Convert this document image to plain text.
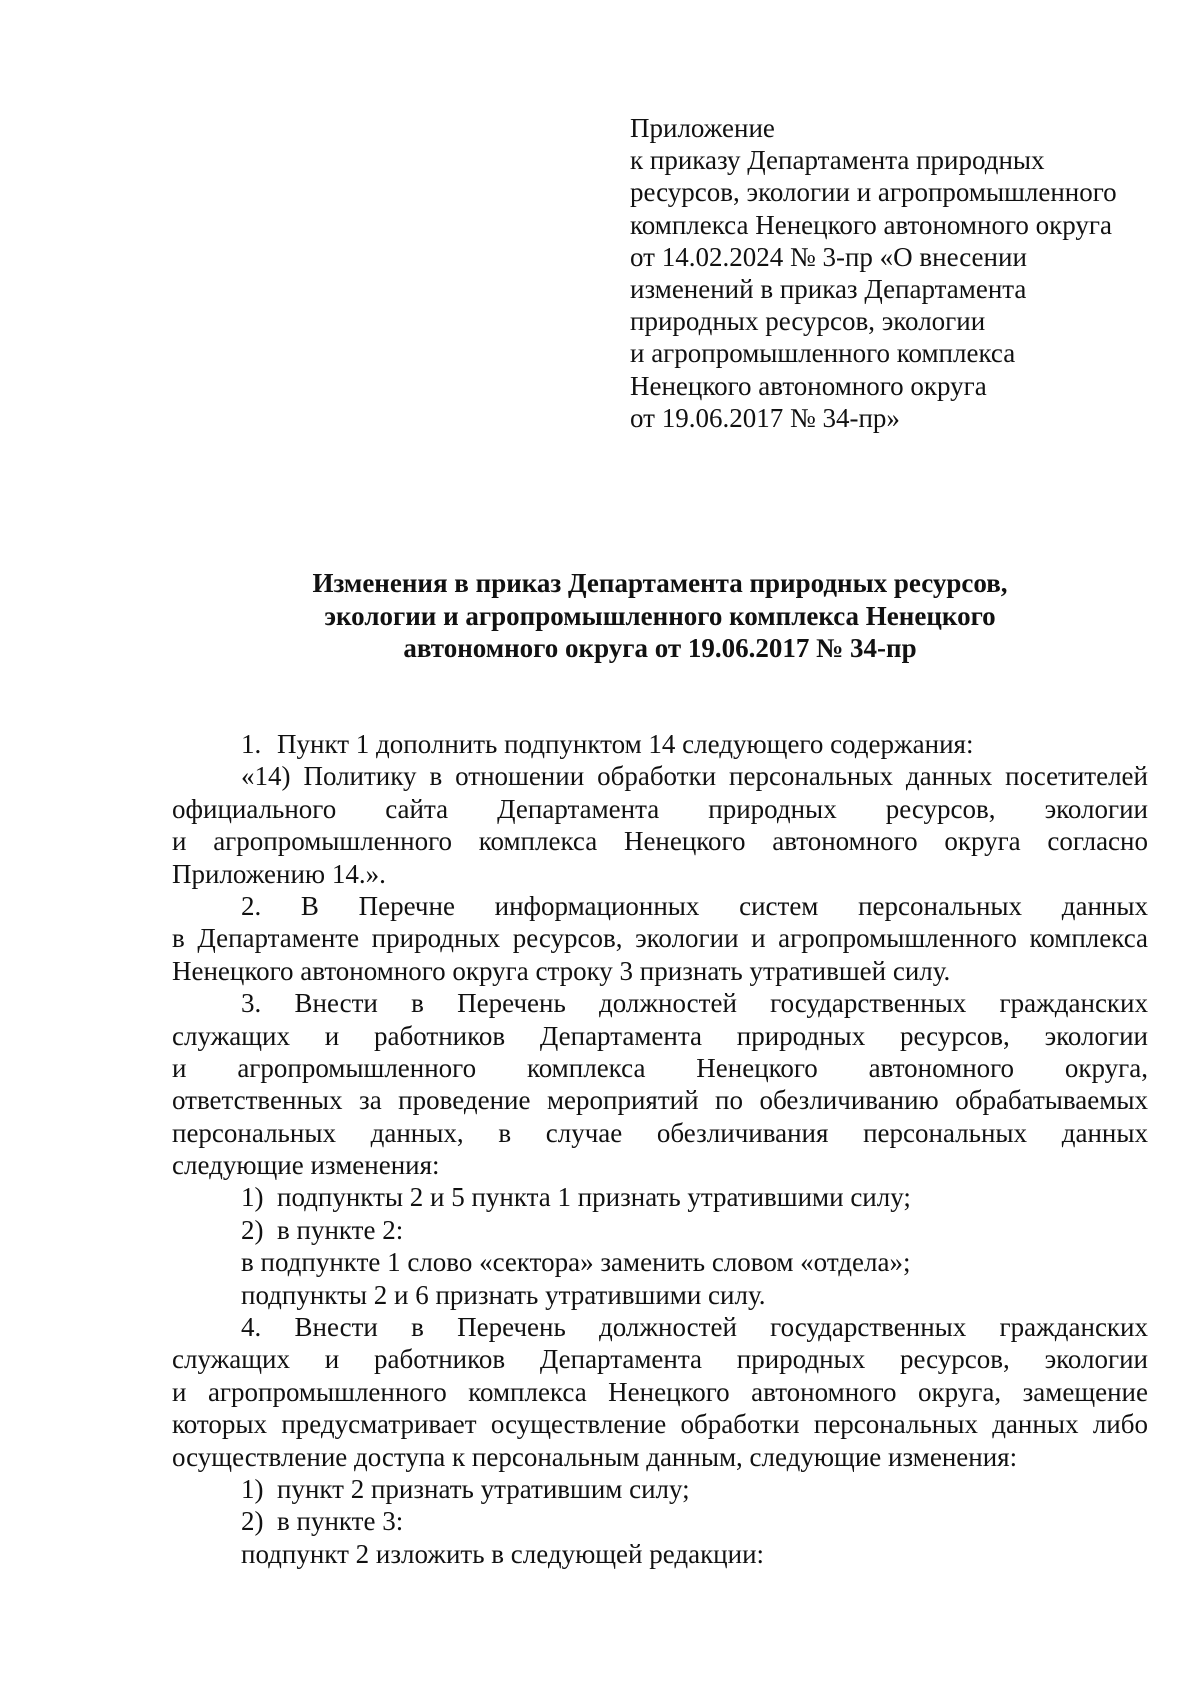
Приложение
к приказу Департамента природных
ресурсов, экологии и агропромышленного
комплекса Ненецкого автономного округа
от 14.02.2024 № 3-пр «О внесении
изменений в приказ Департамента
природных ресурсов, экологии
и агропромышленного комплекса
Ненецкого автономного округа
от 19.06.2017 № 34-пр»
Изменения в приказ Департамента природных ресурсов,
экологии и агропромышленного комплекса Ненецкого
автономного округа от 19.06.2017 № 34-пр
1. Пункт 1 дополнить подпунктом 14 следующего содержания:
«14) Политику в отношении обработки персональных данных посетителей
официального сайта Департамента природных ресурсов, экологии
и агропромышленного комплекса Ненецкого автономного округа согласно
Приложению 14.».
2. В Перечне информационных систем персональных данных
в Департаменте природных ресурсов, экологии и агропромышленного комплекса
Ненецкого автономного округа строку 3 признать утратившей силу.
3. Внести в Перечень должностей государственных гражданских
служащих и работников Департамента природных ресурсов, экологии
и агропромышленного комплекса Ненецкого автономного округа,
ответственных за проведение мероприятий по обезличиванию обрабатываемых
персональных данных, в случае обезличивания персональных данных
следующие изменения:
1) подпункты 2 и 5 пункта 1 признать утратившими силу;
2) в пункте 2:
в подпункте 1 слово «сектора» заменить словом «отдела»;
подпункты 2 и 6 признать утратившими силу.
4. Внести в Перечень должностей государственных гражданских
служащих и работников Департамента природных ресурсов, экологии
и агропромышленного комплекса Ненецкого автономного округа, замещение
которых предусматривает осуществление обработки персональных данных либо
осуществление доступа к персональным данным, следующие изменения:
1) пункт 2 признать утратившим силу;
2) в пункте 3:
подпункт 2 изложить в следующей редакции:
